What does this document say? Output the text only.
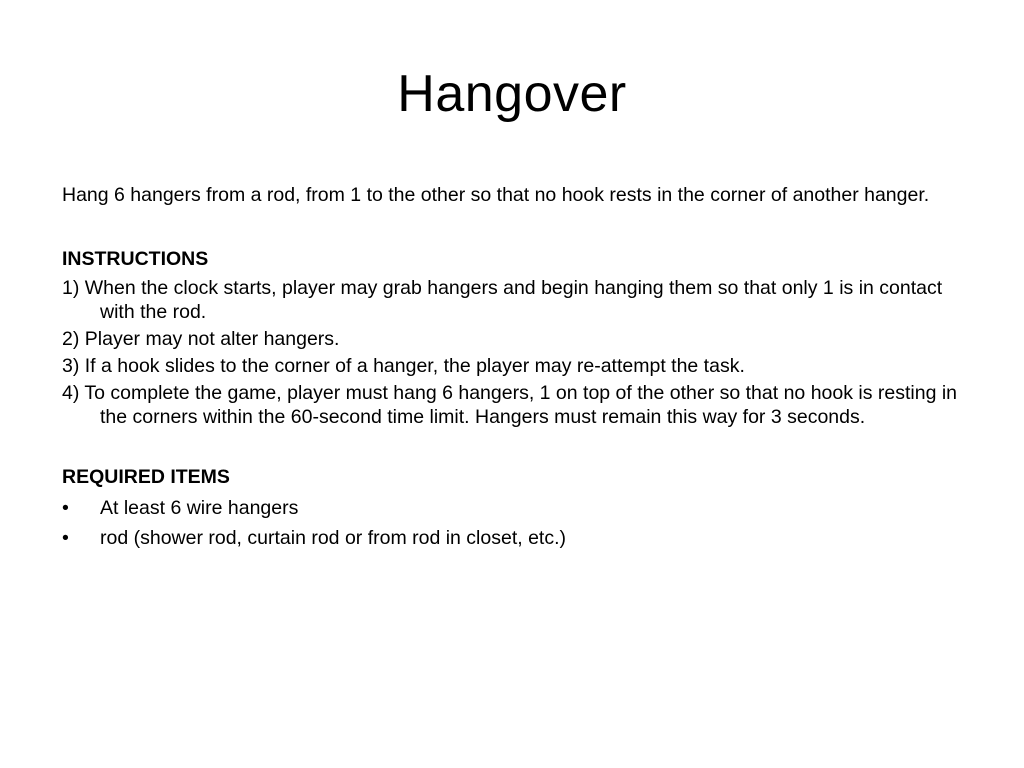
Hangover

Hang 6 hangers from a rod, from 1 to the other so that no hook rests in the corner of another hanger.

INSTRUCTIONS

1) When the clock starts, player may grab hangers and begin hanging them so that only 1 is in contact with the rod.

2) Player may not alter hangers.

3) If a hook slides to the corner of a hanger, the player may re-attempt the task.

4) To complete the game, player must hang 6 hangers, 1 on top of the other so that no hook is resting in the corners within the 60-second time limit. Hangers must remain this way for 3 seconds.

REQUIRED ITEMS
• At least 6 wire hangers
• rod (shower rod, curtain rod or from rod in closet, etc.)
